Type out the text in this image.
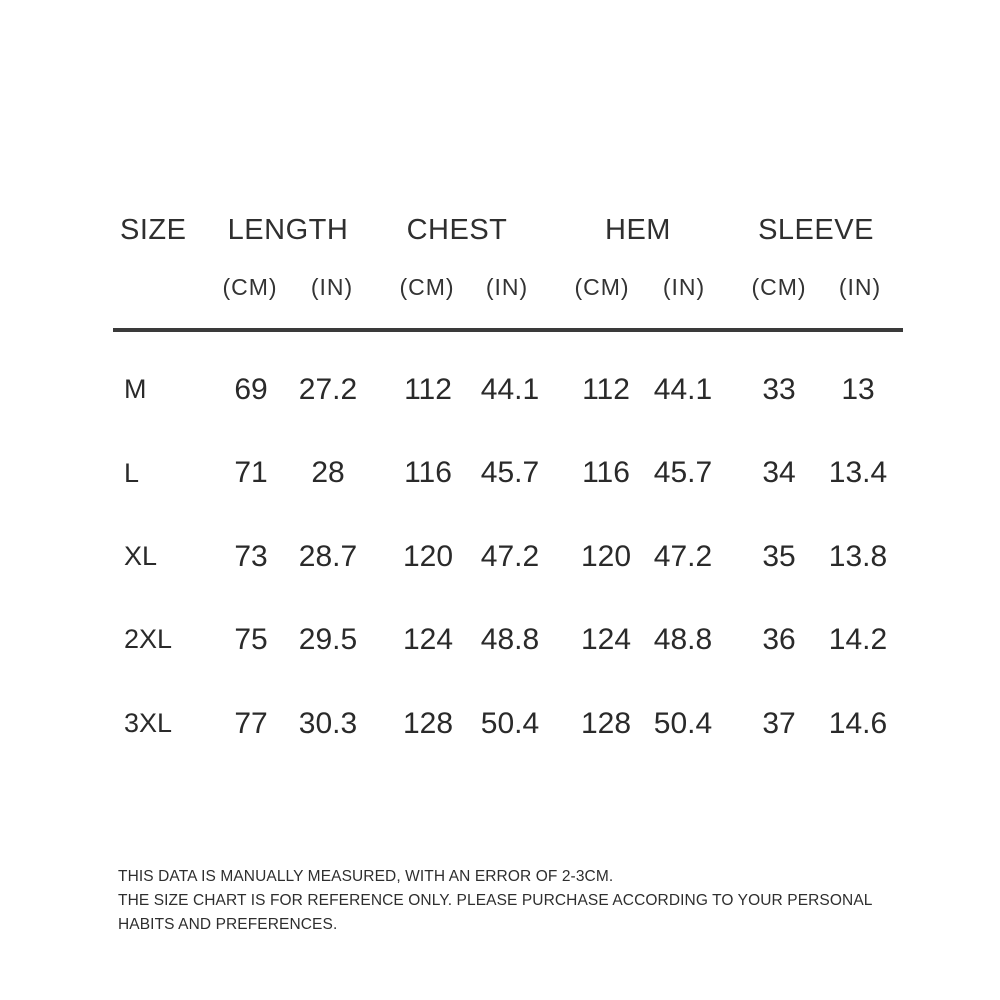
SIZE LENGTH CHEST	HEM	SLEEVE
(CM) (IN) (CM) (IN) (CM) (IN) (CM) (IN)
M	69 27.2 112 44.1 112 44.1 33 13
L	71 28 116 45.7 116 45.7 34 13.4
XL	73 28.7 120 47.2 120 47.2 35 13.8
2XL 75 29.5 124 48.8 124 48.8 36 14.2
3XL 77 30.3 128 50.4 128 50.4 37 14.6
THIS DATA IS MANUALLY MEASURED, WITH AN ERROR OF 2-3CM.
THE SIZE CHART IS FOR REFERENCE ONLY. PLEASE PURCHASE ACCORDING TO YOUR PERSONAL
HABITS AND PREFERENCES.
